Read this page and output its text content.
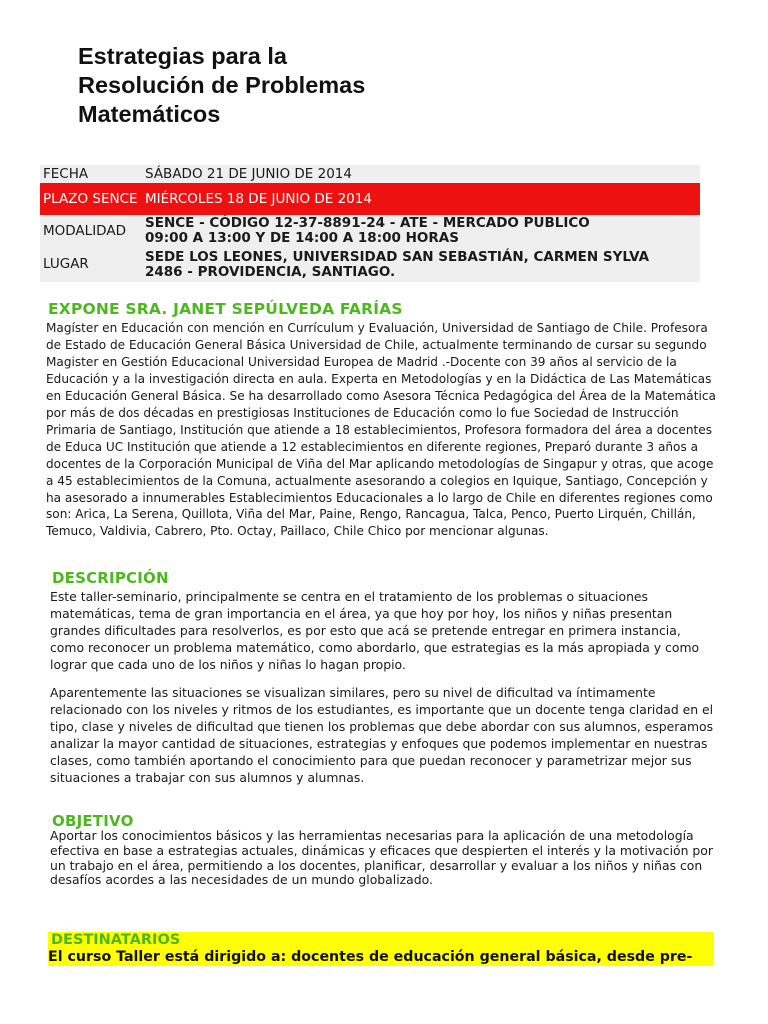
Estrategias para la
Resolución de Problemas
Matemáticos
FECHA	SÁBADO 21 DE JUNIO DE 2014
PLAZO SENCE	MIÉRCOLES 18 DE JUNIO DE 2014
MODALIDAD	SENCE - CÓDIGO 12-37-8891-24 - ATE - MERCADO PUBLICO
09:00 A 13:00 Y DE 14:00 A 18:00 HORAS

LUGAR	SEDE LOS LEONES, UNIVERSIDAD SAN SEBASTIÁN, CARMEN SYLVA
2486 - PROVIDENCIA, SANTIAGO.
EXPONE SRA. JANET SEPÚLVEDA FARÍAS

Magíster en Educación con mención en Currículum y Evaluación, Universidad de Santiago de Chile. Profesora de Estado de Educación General Básica Universidad de Chile, actualmente terminando de cursar su segundo Magister en Gestión Educacional Universidad Europea de Madrid .-Docente con 39 años al servicio de la Educación y a la investigación directa en aula. Experta en Metodologías y en la Didáctica de Las Matemáticas en Educación General Básica. Se ha desarrollado como Asesora Técnica Pedagógica del Área de la Matemática por más de dos décadas en prestigiosas Instituciones de Educación como lo fue Sociedad de Instrucción Primaria de Santiago, Institución que atiende a 18 establecimientos, Profesora formadora del área a docentes de Educa UC Institución que atiende a 12 establecimientos en diferente regiones, Preparó durante 3 años a docentes de la Corporación Municipal de Viña del Mar aplicando metodologías de Singapur y otras, que acoge a 45 establecimientos de la Comuna, actualmente asesorando a colegios en Iquique, Santiago, Concepción y ha asesorado a innumerables Establecimientos Educacionales a lo largo de Chile en diferentes regiones como son: Arica, La Serena, Quillota, Viña del Mar, Paine, Rengo, Rancagua, Talca, Penco, Puerto Lirquén, Chillán, Temuco, Valdivia, Cabrero, Pto. Octay, Paillaco, Chile Chico por mencionar algunas.

DESCRIPCIÓN

Este taller-seminario, principalmente se centra en el tratamiento de los problemas o situaciones matemáticas, tema de gran importancia en el área, ya que hoy por hoy, los niños y niñas presentan grandes dificultades para resolverlos, es por esto que acá se pretende entregar en primera instancia, como reconocer un problema matemático, como abordarlo, que estrategias es la más apropiada y como lograr que cada uno de los niños y niñas lo hagan propio.

Aparentemente las situaciones se visualizan similares, pero su nivel de dificultad va íntimamente relacionado con los niveles y ritmos de los estudiantes, es importante que un docente tenga claridad en el tipo, clase y niveles de dificultad que tienen los problemas que debe abordar con sus alumnos, esperamos analizar la mayor cantidad de situaciones, estrategias y enfoques que podemos implementar en nuestras clases, como también aportando el conocimiento para que puedan reconocer y parametrizar mejor sus situaciones a trabajar con sus alumnos y alumnas.

OBJETIVO

Aportar los conocimientos básicos y las herramientas necesarias para la aplicación de una metodología efectiva en base a estrategias actuales, dinámicas y eficaces que despierten el interés y la motivación por un trabajo en el área, permitiendo a los docentes, planificar, desarrollar y evaluar a los niños y niñas con desafíos acordes a las necesidades de un mundo globalizado.

DESTINATARIOS

El curso Taller está dirigido a: docentes de educación general básica, desde pre-
